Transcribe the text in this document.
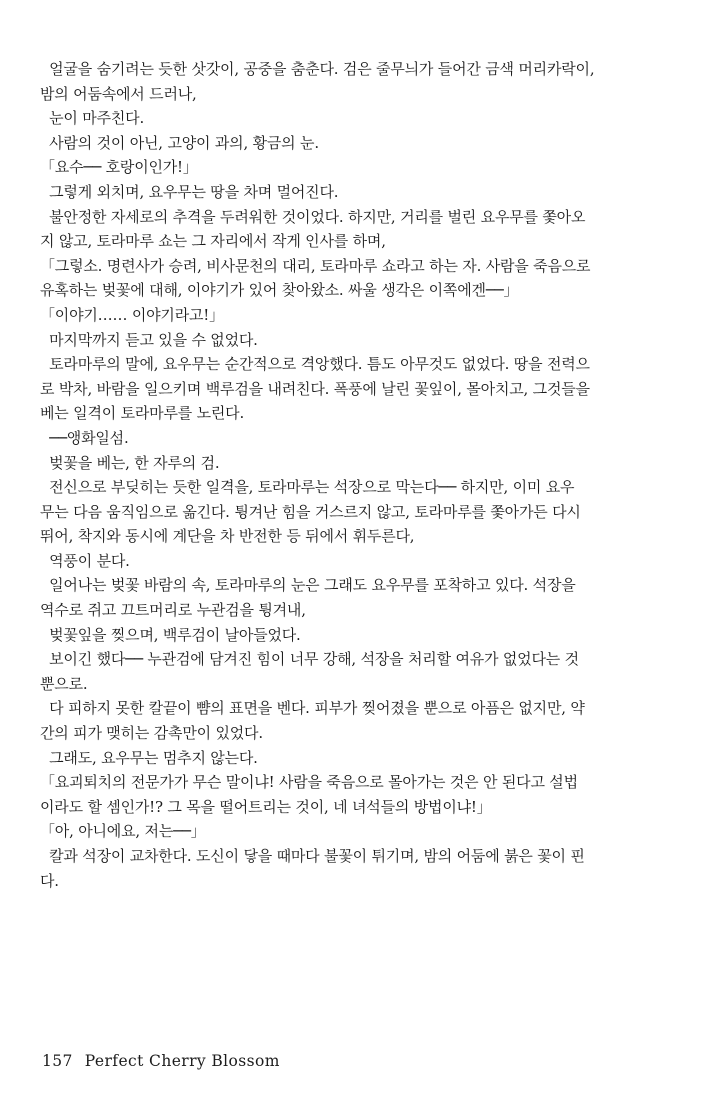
얼굴을 숨기려는 듯한 삿갓이, 공중을 춤춘다. 검은 줄무늬가 들어간 금색 머리카락이,
밤의 어둠속에서 드러나,
눈이 마주친다.
사람의 것이 아닌, 고양이 과의, 황금의 눈.
「요수── 호랑이인가!」
그렇게 외치며, 요우무는 땅을 차며 멀어진다.
불안정한 자세로의 추격을 두려워한 것이었다. 하지만, 거리를 벌린 요우무를 쫓아오
지 않고, 토라마루 쇼는 그 자리에서 작게 인사를 하며,
「그렇소. 명련사가 승려, 비사문천의 대리, 토라마루 쇼라고 하는 자. 사람을 죽음으로
유혹하는 벚꽃에 대해, 이야기가 있어 찾아왔소. 싸울 생각은 이쪽에겐──」
「이야기…… 이야기라고!」
마지막까지 듣고 있을 수 없었다.
토라마루의 말에, 요우무는 순간적으로 격앙했다. 틈도 아무것도 없었다. 땅을 전력으
로 박차, 바람을 일으키며 백루검을 내려친다. 폭풍에 날린 꽃잎이, 몰아치고, 그것들을
베는 일격이 토라마루를 노린다.
──앵화일섬.
벚꽃을 베는, 한 자루의 검.
전신으로 부딪히는 듯한 일격을, 토라마루는 석장으로 막는다── 하지만, 이미 요우
무는 다음 움직임으로 옮긴다. 튕겨난 힘을 거스르지 않고, 토라마루를 쫓아가든 다시
뛰어, 착지와 동시에 계단을 차 반전한 등 뒤에서 휘두른다,
역풍이 분다.
일어나는 벚꽃 바람의 속, 토라마루의 눈은 그래도 요우무를 포착하고 있다. 석장을
역수로 쥐고 끄트머리로 누관검을 튕겨내,
벚꽃잎을 찢으며, 백루검이 날아들었다.
보이긴 했다── 누관검에 담겨진 힘이 너무 강해, 석장을 처리할 여유가 없었다는 것
뿐으로.
다 피하지 못한 칼끝이 뺨의 표면을 벤다. 피부가 찢어졌을 뿐으로 아픔은 없지만, 약
간의 피가 맺히는 감촉만이 있었다.
그래도, 요우무는 멈추지 않는다.
「요괴퇴치의 전문가가 무슨 말이냐! 사람을 죽음으로 몰아가는 것은 안 된다고 설법
이라도 할 셈인가!? 그 목을 떨어트리는 것이, 네 녀석들의 방법이냐!」
「아, 아니에요, 저는──」
칼과 석장이 교차한다. 도신이 닿을 때마다 불꽃이 튀기며, 밤의 어둠에 붉은 꽃이 핀
다.
157 Perfect Cherry Blossom
